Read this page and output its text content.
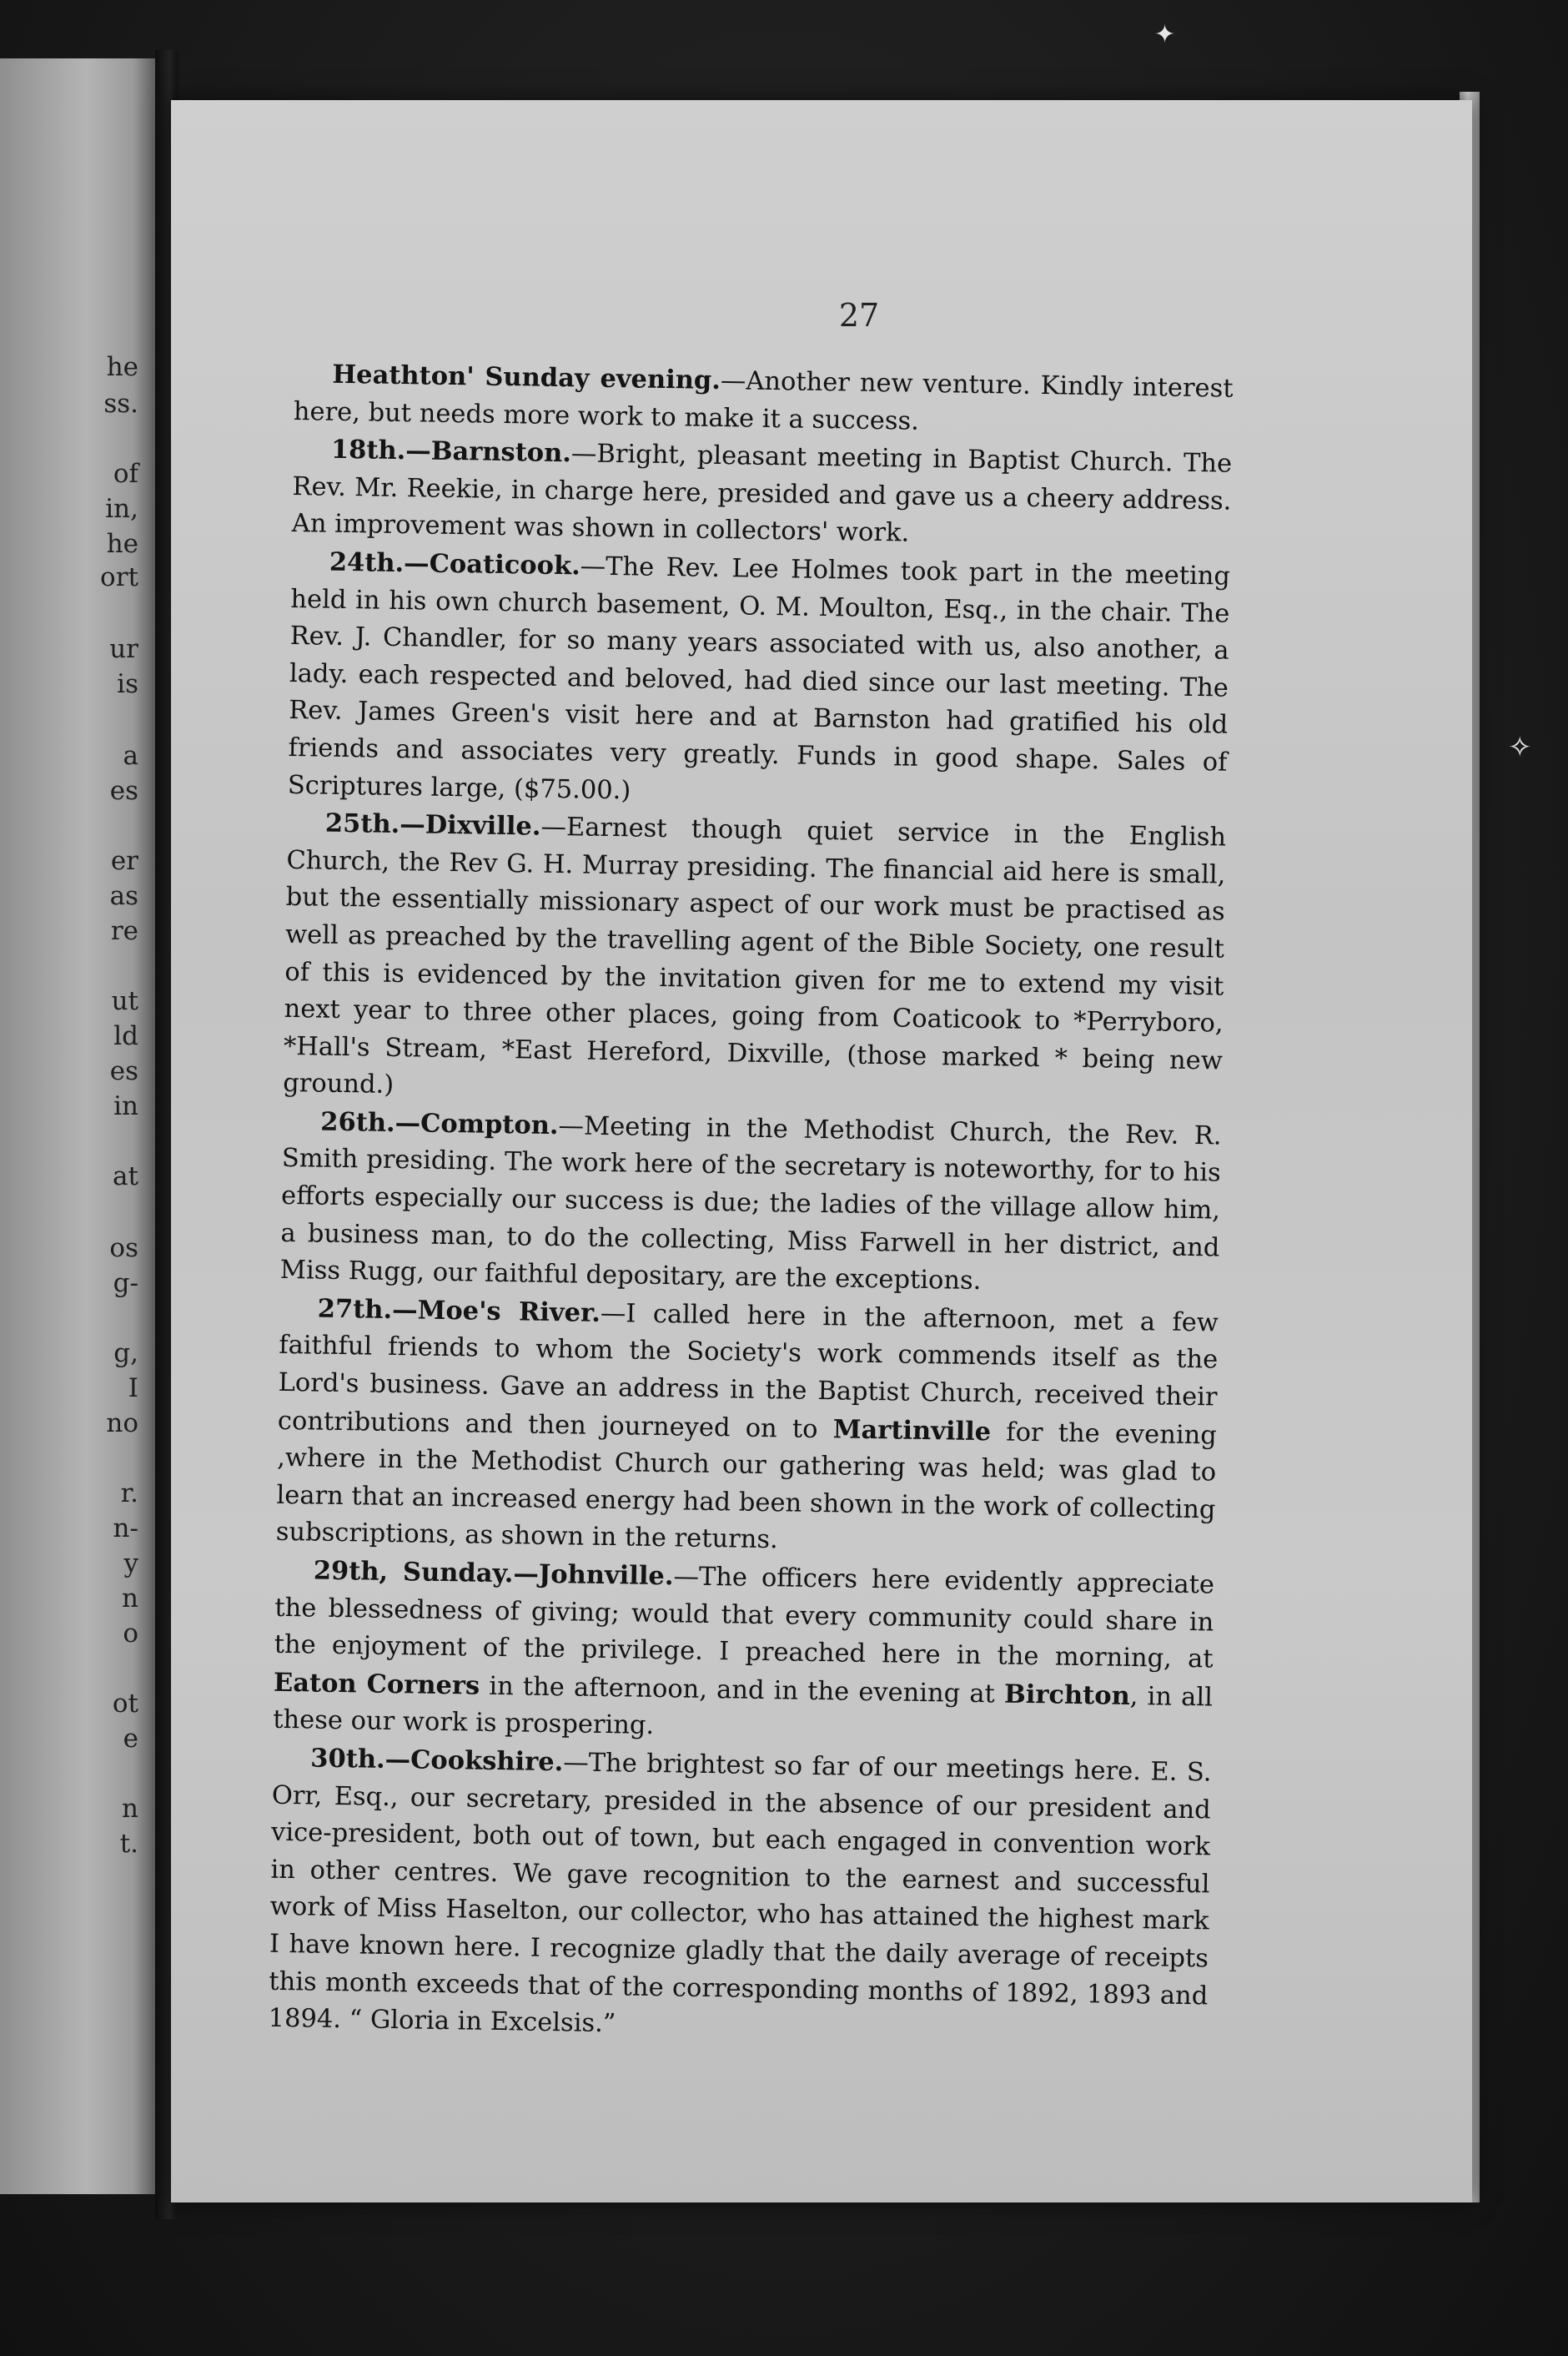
he
ss.
of
in,
he
ort
ur
is
a
es
er
as
re
ut
ld
es
in
at
os
g-
g,
I
no
r.
n-
y
n
o
ot
e
n
t.
27

Heathton' Sunday evening.—Another new venture. Kindly interest here, but needs more work to make it a success.

18th.—Barnston.—Bright, pleasant meeting in Baptist Church. The Rev. Mr. Reekie, in charge here, presided and gave us a cheery address. An improvement was shown in collectors' work.

24th.—Coaticook.—The Rev. Lee Holmes took part in the meeting held in his own church basement, O. M. Moulton, Esq., in the chair. The Rev. J. Chandler, for so many years associated with us, also another, a lady. each respected and beloved, had died since our last meeting. The Rev. James Green's visit here and at Barnston had gratified his old friends and associates very greatly. Funds in good shape. Sales of Scriptures large, ($75.00.)

25th.—Dixville.—Earnest though quiet service in the English Church, the Rev G. H. Murray presiding. The financial aid here is small, but the essentially missionary aspect of our work must be practised as well as preached by the travelling agent of the Bible Society, one result of this is evidenced by the invitation given for me to extend my visit next year to three other places, going from Coaticook to *Perryboro, *Hall's Stream, *East Hereford, Dixville, (those marked * being new ground.)

26th.—Compton.—Meeting in the Methodist Church, the Rev. R. Smith presiding. The work here of the secretary is noteworthy, for to his efforts especially our success is due; the ladies of the village allow him, a business man, to do the collecting, Miss Farwell in her district, and Miss Rugg, our faithful depositary, are the exceptions.

27th.—Moe's River.—I called here in the afternoon, met a few faithful friends to whom the Society's work commends itself as the Lord's business. Gave an address in the Baptist Church, received their contributions and then journeyed on to Martinville for the evening ,where in the Methodist Church our gathering was held; was glad to learn that an increased energy had been shown in the work of collecting subscriptions, as shown in the returns.

29th, Sunday.—Johnville.—The officers here evidently appreciate the blessedness of giving; would that every community could share in the enjoyment of the privilege. I preached here in the morning, at Eaton Corners in the afternoon, and in the evening at Birchton, in all these our work is prospering.

30th.—Cookshire.—The brightest so far of our meetings here. E. S. Orr, Esq., our secretary, presided in the absence of our president and vice-president, both out of town, but each engaged in convention work in other centres. We gave recognition to the earnest and successful work of Miss Haselton, our collector, who has attained the highest mark I have known here. I recognize gladly that the daily average of receipts this month exceeds that of the corresponding months of 1892, 1893 and 1894. “ Gloria in Excelsis.”

✦
✧
